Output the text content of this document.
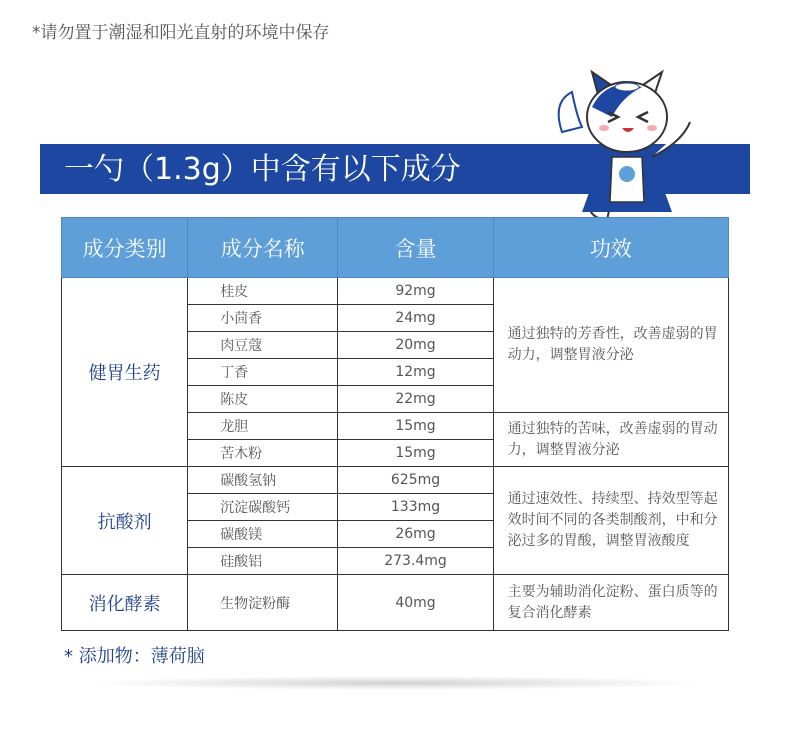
*请勿置于潮湿和阳光直射的环境中保存
一勺（1.3g）中含有以下成分
成分类别	成分名称	含量	功效
健胃生药	桂皮	92mg	通过独特的芳香性，改善虚弱的胃动力，调整胃液分泌
	小茴香	24mg	
	肉豆蔻	20mg	
	丁香	12mg	
	陈皮	22mg	
	龙胆	15mg	通过独特的苦味，改善虚弱的胃动力，调整胃液分泌
	苦木粉	15mg	
抗酸剂	碳酸氢钠	625mg	通过速效性、持续型、持效型等起效时间不同的各类制酸剂，中和分泌过多的胃酸，调整胃液酸度
	沉淀碳酸钙	133mg	
	碳酸镁	26mg	
	硅酸铝	273.4mg	
消化酵素	生物淀粉酶	40mg	主要为辅助消化淀粉、蛋白质等的复合消化酵素
* 添加物：薄荷脑
